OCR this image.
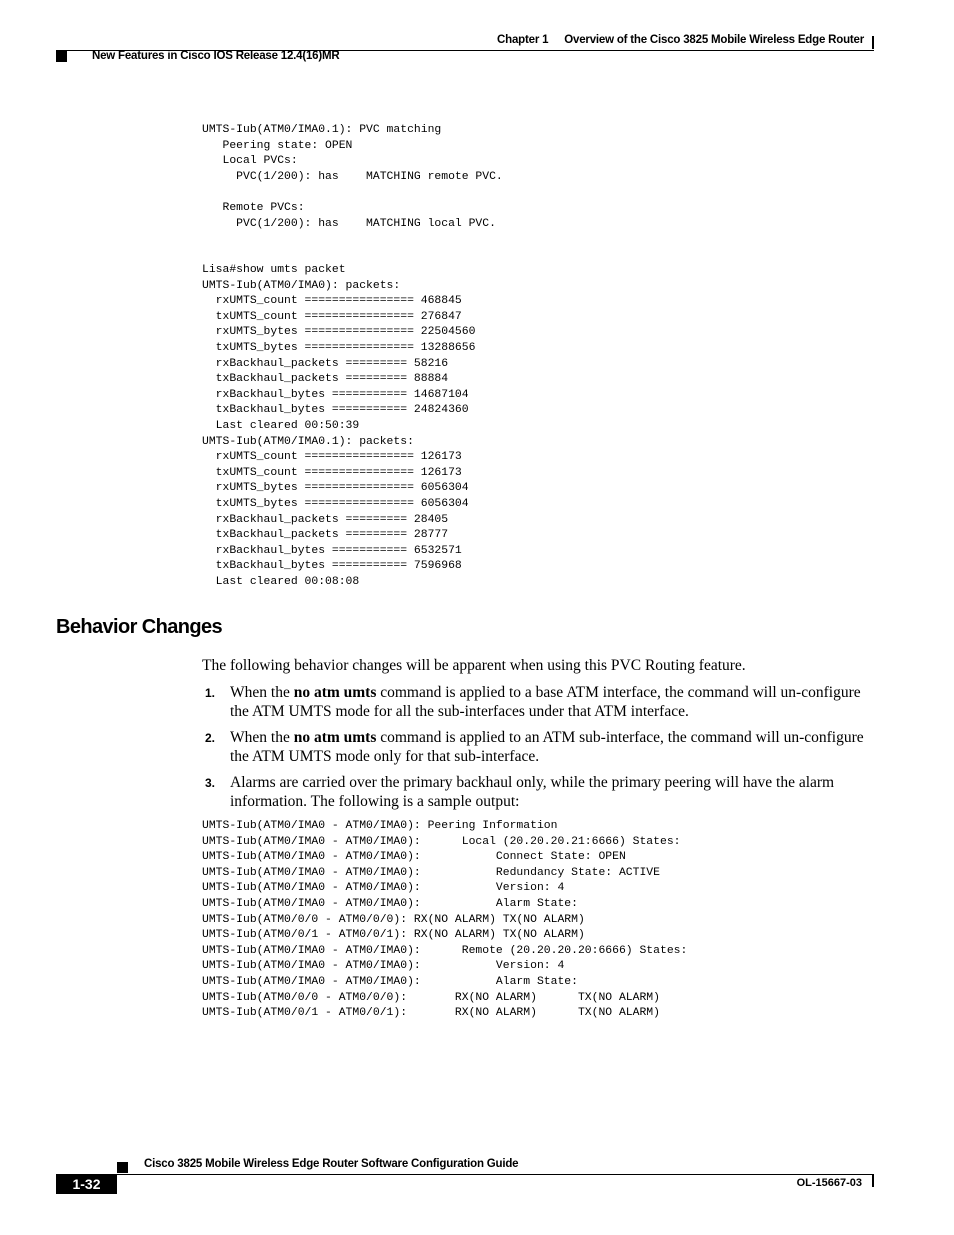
Chapter 1 Overview of the Cisco 3825 Mobile Wireless Edge Router
New Features in Cisco IOS Release 12.4(16)MR
UMTS-Iub(ATM0/IMA0.1): PVC matching
Peering state: OPEN
Local PVCs:
PVC(1/200): has    MATCHING remote PVC.

Remote PVCs:
PVC(1/200): has    MATCHING local PVC.
Lisa#show umts packet
UMTS-Iub(ATM0/IMA0): packets:
rxUMTS_count ================ 468845
txUMTS_count ================ 276847
rxUMTS_bytes ================ 22504560
txUMTS_bytes ================ 13288656
rxBackhaul_packets ========= 58216
txBackhaul_packets ========= 88884
rxBackhaul_bytes =========== 14687104
txBackhaul_bytes =========== 24824360
Last cleared 00:50:39
UMTS-Iub(ATM0/IMA0.1): packets:
rxUMTS_count ================ 126173
txUMTS_count ================ 126173
rxUMTS_bytes ================ 6056304
txUMTS_bytes ================ 6056304
rxBackhaul_packets ========= 28405
txBackhaul_packets ========= 28777
rxBackhaul_bytes =========== 6532571
txBackhaul_bytes =========== 7596968
Last cleared 00:08:08
Behavior Changes
The following behavior changes will be apparent when using this PVC Routing feature.
1. When the no atm umts command is applied to a base ATM interface, the command will un-configure the ATM UMTS mode for all the sub-interfaces under that ATM interface.
2. When the no atm umts command is applied to an ATM sub-interface, the command will un-configure the ATM UMTS mode only for that sub-interface.
3. Alarms are carried over the primary backhaul only, while the primary peering will have the alarm information. The following is a sample output:
UMTS-Iub(ATM0/IMA0 - ATM0/IMA0): Peering Information
UMTS-Iub(ATM0/IMA0 - ATM0/IMA0):      Local (20.20.20.21:6666) States:
UMTS-Iub(ATM0/IMA0 - ATM0/IMA0):           Connect State: OPEN
UMTS-Iub(ATM0/IMA0 - ATM0/IMA0):           Redundancy State: ACTIVE
UMTS-Iub(ATM0/IMA0 - ATM0/IMA0):           Version: 4
UMTS-Iub(ATM0/IMA0 - ATM0/IMA0):           Alarm State:
UMTS-Iub(ATM0/0/0 - ATM0/0/0): RX(NO ALARM) TX(NO ALARM)
UMTS-Iub(ATM0/0/1 - ATM0/0/1): RX(NO ALARM) TX(NO ALARM)
UMTS-Iub(ATM0/IMA0 - ATM0/IMA0):      Remote (20.20.20.20:6666) States:
UMTS-Iub(ATM0/IMA0 - ATM0/IMA0):           Version: 4
UMTS-Iub(ATM0/IMA0 - ATM0/IMA0):           Alarm State:
UMTS-Iub(ATM0/0/0 - ATM0/0/0):       RX(NO ALARM)      TX(NO ALARM)
UMTS-Iub(ATM0/0/1 - ATM0/0/1):       RX(NO ALARM)      TX(NO ALARM)
Cisco 3825 Mobile Wireless Edge Router Software Configuration Guide
1-32	OL-15667-03
